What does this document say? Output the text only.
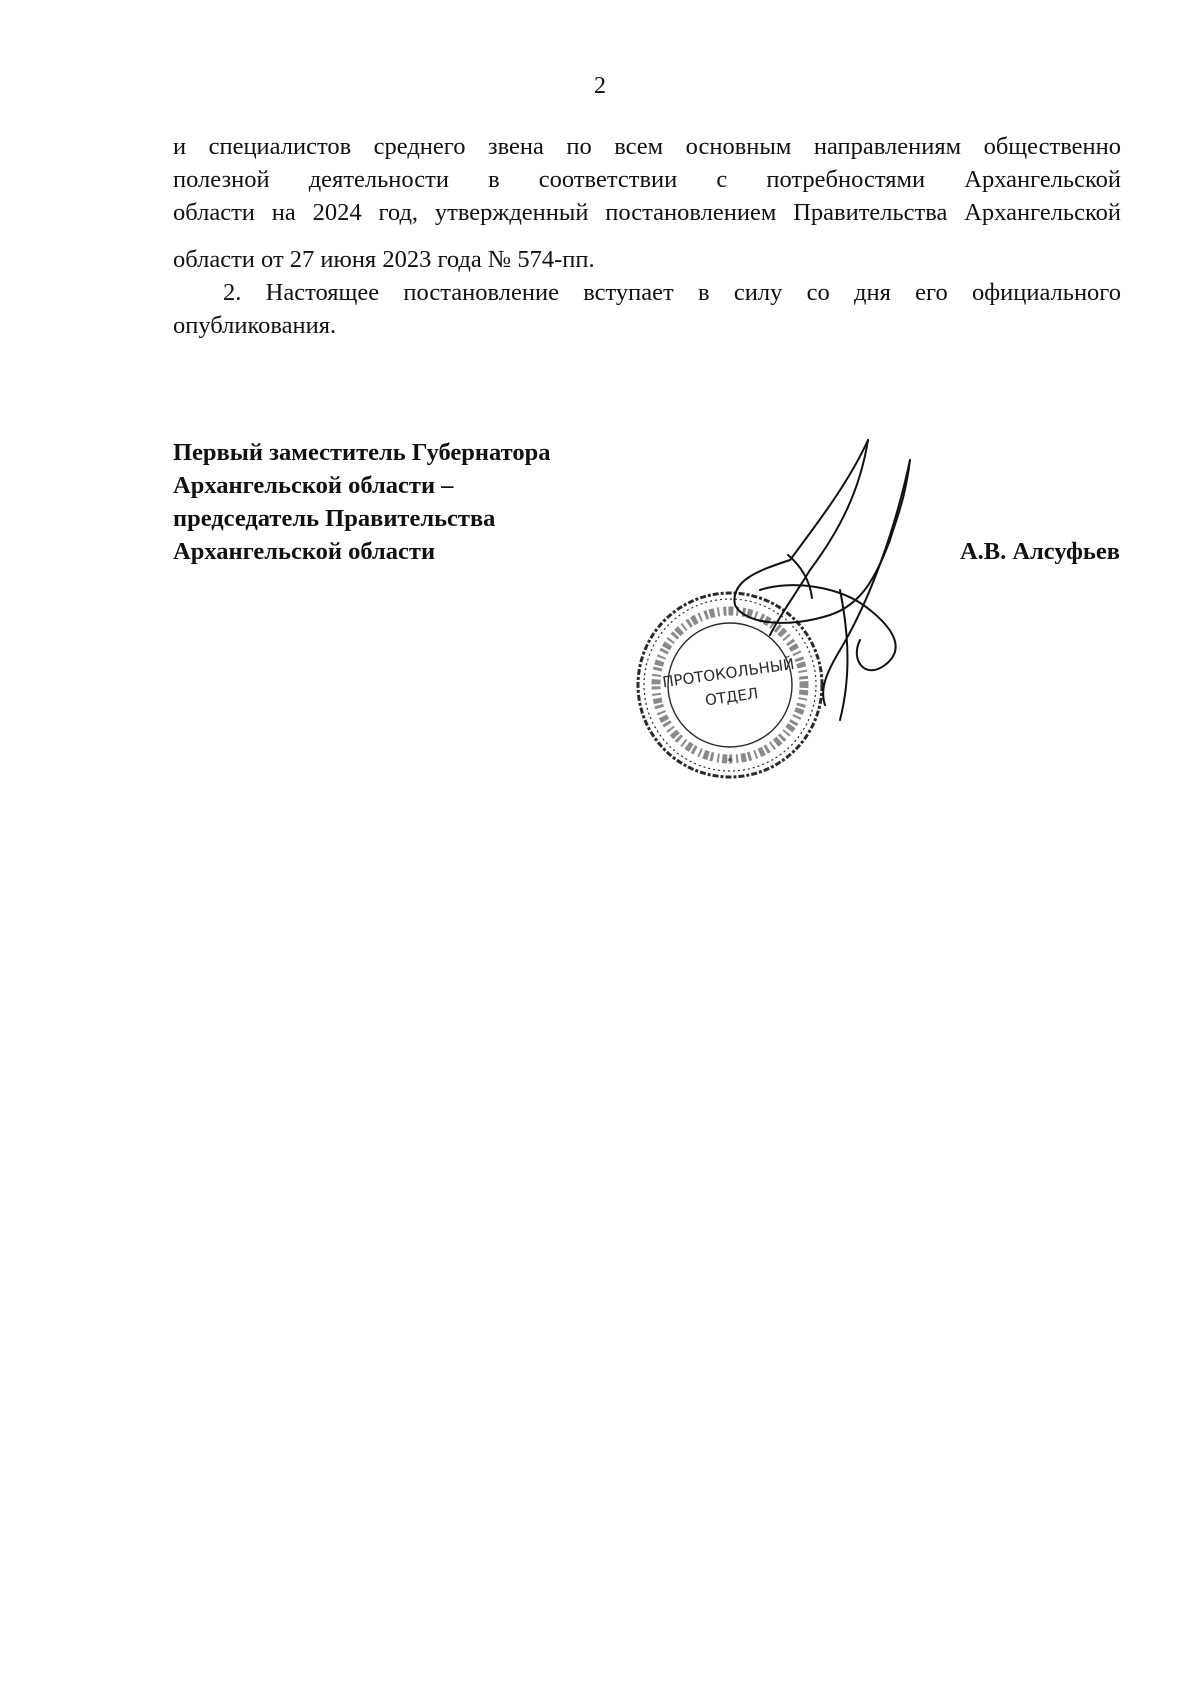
2
и специалистов среднего звена по всем основным направлениям общественно
полезной деятельности в соответствии с потребностями Архангельской
области на 2024 год, утвержденный постановлением Правительства Архангельской
области от 27 июня 2023 года № 574-пп.
2. Настоящее постановление вступает в силу со дня его официального
опубликования.
Первый заместитель Губернатора
Архангельской области –
председатель Правительства
Архангельской области	А.В. Алсуфьев
ПРОТОКОЛЬНЫЙ
ОТДЕЛ
*
